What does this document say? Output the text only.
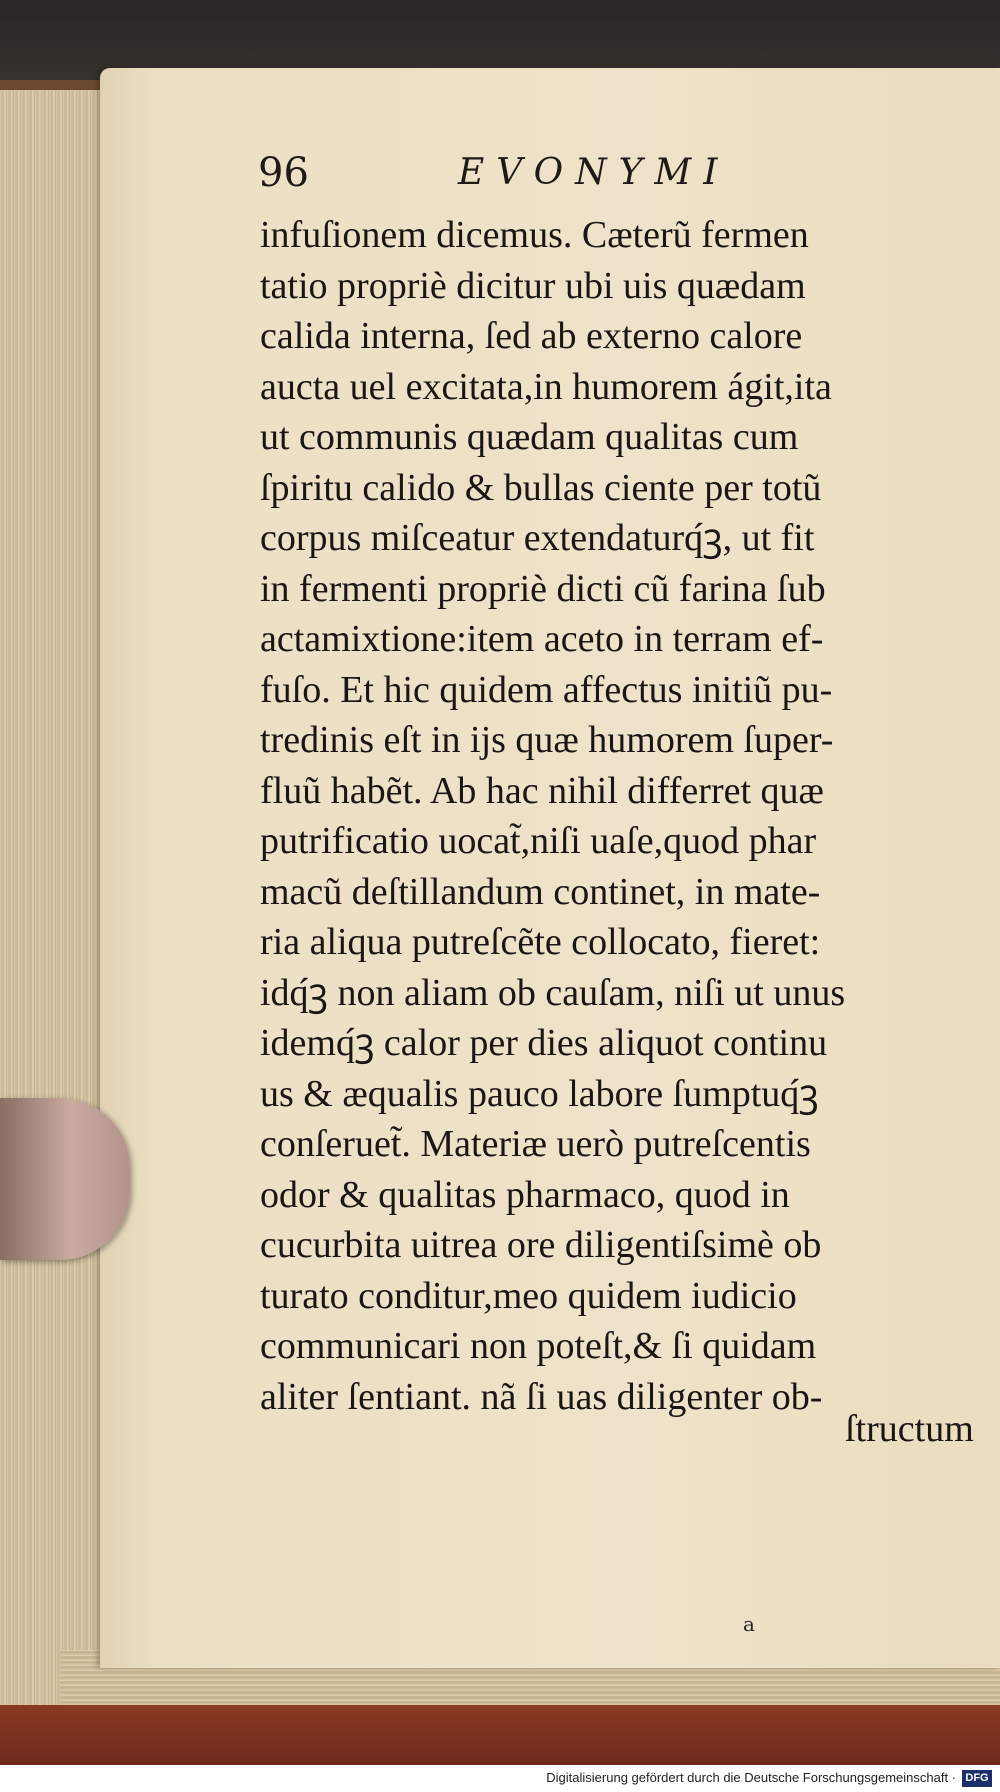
96	EVONYMI
infuſionem dicemus. Cæterũ fermen
tatio propriè dicitur ubi uis quædam
calida interna, ſed ab externo calore
aucta uel excitata,in humorem ágit,ita
ut communis quædam qualitas cum
ſpiritu calido & bullas ciente per totũ
corpus miſceatur extendaturq́ꝫ, ut fit
in fermenti propriè dicti cũ farina ſub
actamixtione:item aceto in terram ef-
fuſo. Et hic quidem affectus initiũ pu-
tredinis eſt in ijs quæ humorem ſuper-
fluũ habẽt. Ab hac nihil differret quæ
putrificatio uocat̃,niſi uaſe,quod phar
macũ deſtillandum continet, in mate-
ria aliqua putreſcẽte collocato, fieret:
idq́ꝫ non aliam ob cauſam, niſi ut unus
idemq́ꝫ calor per dies aliquot continu
us & æqualis pauco labore ſumptuq́ꝫ
conſeruet̃. Materiæ uerò putreſcentis
odor & qualitas pharmaco, quod in
cucurbita uitrea ore diligentiſsimè ob
turato conditur,meo quidem iudicio
communicari non poteſt,& ſi quidam
aliter ſentiant. nã ſi uas diligenter ob-
ſtructum
a
Digitalisierung gefördert durch die Deutsche Forschungsgemeinschaft · DFG
